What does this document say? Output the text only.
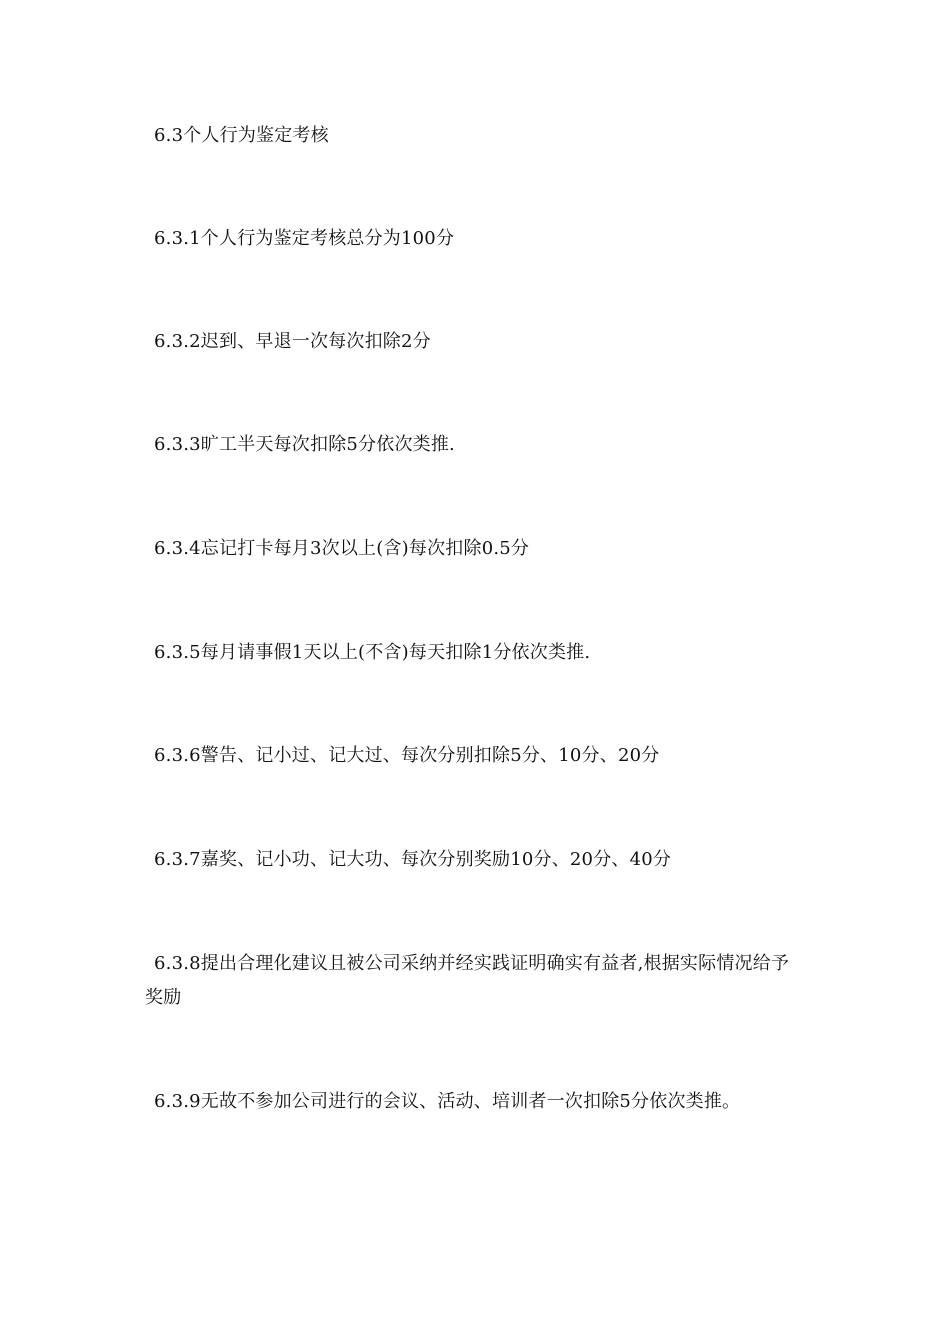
6.3个人行为鉴定考核

6.3.1个人行为鉴定考核总分为100分

6.3.2迟到、早退一次每次扣除2分

6.3.3旷工半天每次扣除5分依次类推.

6.3.4忘记打卡每月3次以上(含)每次扣除0.5分

6.3.5每月请事假1天以上(不含)每天扣除1分依次类推.

6.3.6警告、记小过、记大过、每次分别扣除5分、10分、20分

6.3.7嘉奖、记小功、记大功、每次分别奖励10分、20分、40分

6.3.8提出合理化建议且被公司采纳并经实践证明确实有益者,根据实际情况给予奖励

6.3.9无故不参加公司进行的会议、活动、培训者一次扣除5分依次类推。
